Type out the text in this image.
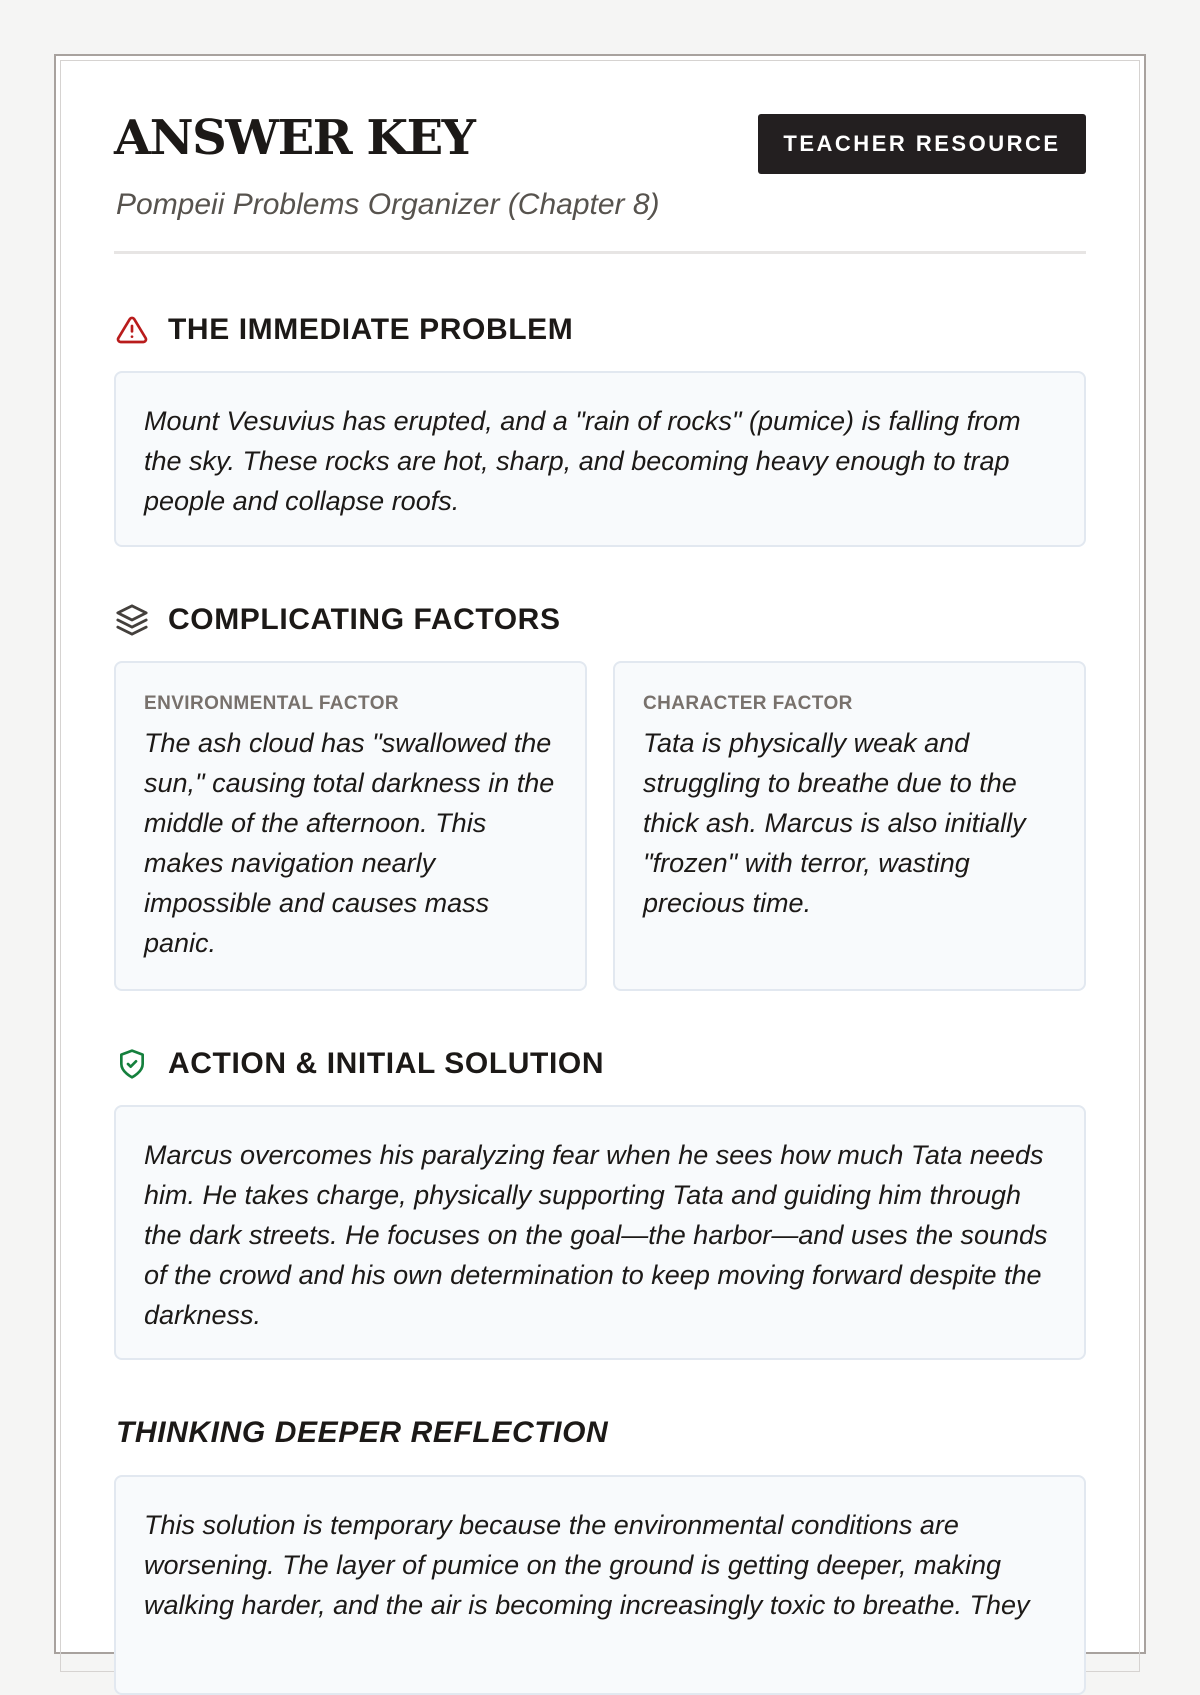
ANSWER KEY
Pompeii Problems Organizer (Chapter 8)
TEACHER RESOURCE
THE IMMEDIATE PROBLEM
Mount Vesuvius has erupted, and a "rain of rocks" (pumice) is falling from the sky. These rocks are hot, sharp, and becoming heavy enough to trap people and collapse roofs.
COMPLICATING FACTORS
ENVIRONMENTAL FACTOR
The ash cloud has "swallowed the sun," causing total darkness in the middle of the afternoon. This makes navigation nearly impossible and causes mass panic.
CHARACTER FACTOR
Tata is physically weak and struggling to breathe due to the thick ash. Marcus is also initially "frozen" with terror, wasting precious time.
ACTION & INITIAL SOLUTION
Marcus overcomes his paralyzing fear when he sees how much Tata needs him. He takes charge, physically supporting Tata and guiding him through the dark streets. He focuses on the goal—the harbor—and uses the sounds of the crowd and his own determination to keep moving forward despite the darkness.
THINKING DEEPER REFLECTION
This solution is temporary because the environmental conditions are worsening. The layer of pumice on the ground is getting deeper, making walking harder, and the air is becoming increasingly toxic to breathe. They
